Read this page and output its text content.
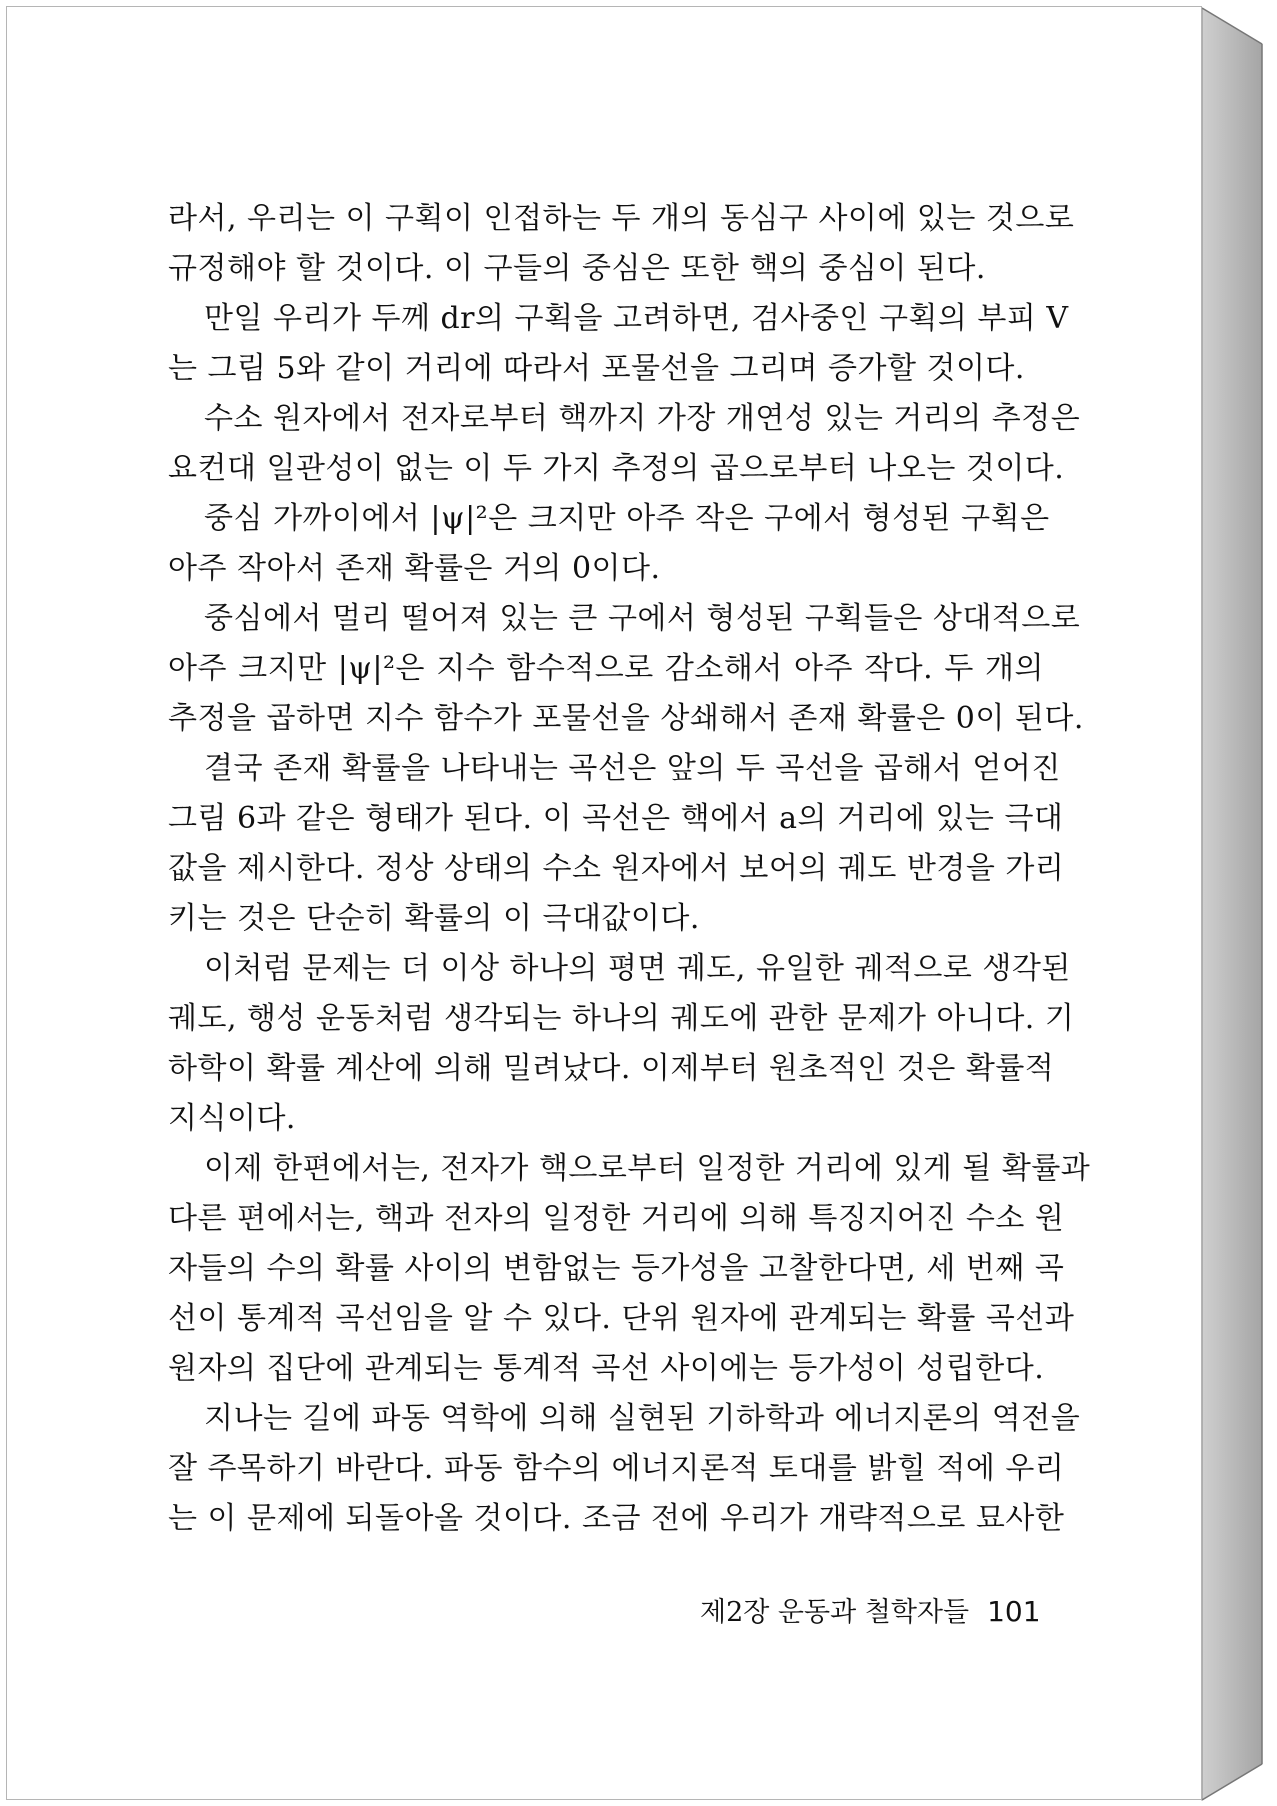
라서, 우리는 이 구획이 인접하는 두 개의 동심구 사이에 있는 것으로
규정해야 할 것이다. 이 구들의 중심은 또한 핵의 중심이 된다.
만일 우리가 두께 dr의 구획을 고려하면, 검사중인 구획의 부피 V
는 그림 5와 같이 거리에 따라서 포물선을 그리며 증가할 것이다.
수소 원자에서 전자로부터 핵까지 가장 개연성 있는 거리의 추정은
요컨대 일관성이 없는 이 두 가지 추정의 곱으로부터 나오는 것이다.
중심 가까이에서 |ψ|²은 크지만 아주 작은 구에서 형성된 구획은
아주 작아서 존재 확률은 거의 0이다.
중심에서 멀리 떨어져 있는 큰 구에서 형성된 구획들은 상대적으로
아주 크지만 |ψ|²은 지수 함수적으로 감소해서 아주 작다. 두 개의
추정을 곱하면 지수 함수가 포물선을 상쇄해서 존재 확률은 0이 된다.
결국 존재 확률을 나타내는 곡선은 앞의 두 곡선을 곱해서 얻어진
그림 6과 같은 형태가 된다. 이 곡선은 핵에서 a의 거리에 있는 극대
값을 제시한다. 정상 상태의 수소 원자에서 보어의 궤도 반경을 가리
키는 것은 단순히 확률의 이 극대값이다.
이처럼 문제는 더 이상 하나의 평면 궤도, 유일한 궤적으로 생각된
궤도, 행성 운동처럼 생각되는 하나의 궤도에 관한 문제가 아니다. 기
하학이 확률 계산에 의해 밀려났다. 이제부터 원초적인 것은 확률적
지식이다.
이제 한편에서는, 전자가 핵으로부터 일정한 거리에 있게 될 확률과
다른 편에서는, 핵과 전자의 일정한 거리에 의해 특징지어진 수소 원
자들의 수의 확률 사이의 변함없는 등가성을 고찰한다면, 세 번째 곡
선이 통계적 곡선임을 알 수 있다. 단위 원자에 관계되는 확률 곡선과
원자의 집단에 관계되는 통계적 곡선 사이에는 등가성이 성립한다.
지나는 길에 파동 역학에 의해 실현된 기하학과 에너지론의 역전을
잘 주목하기 바란다. 파동 함수의 에너지론적 토대를 밝힐 적에 우리
는 이 문제에 되돌아올 것이다. 조금 전에 우리가 개략적으로 묘사한
제2장 운동과 철학자들 101
